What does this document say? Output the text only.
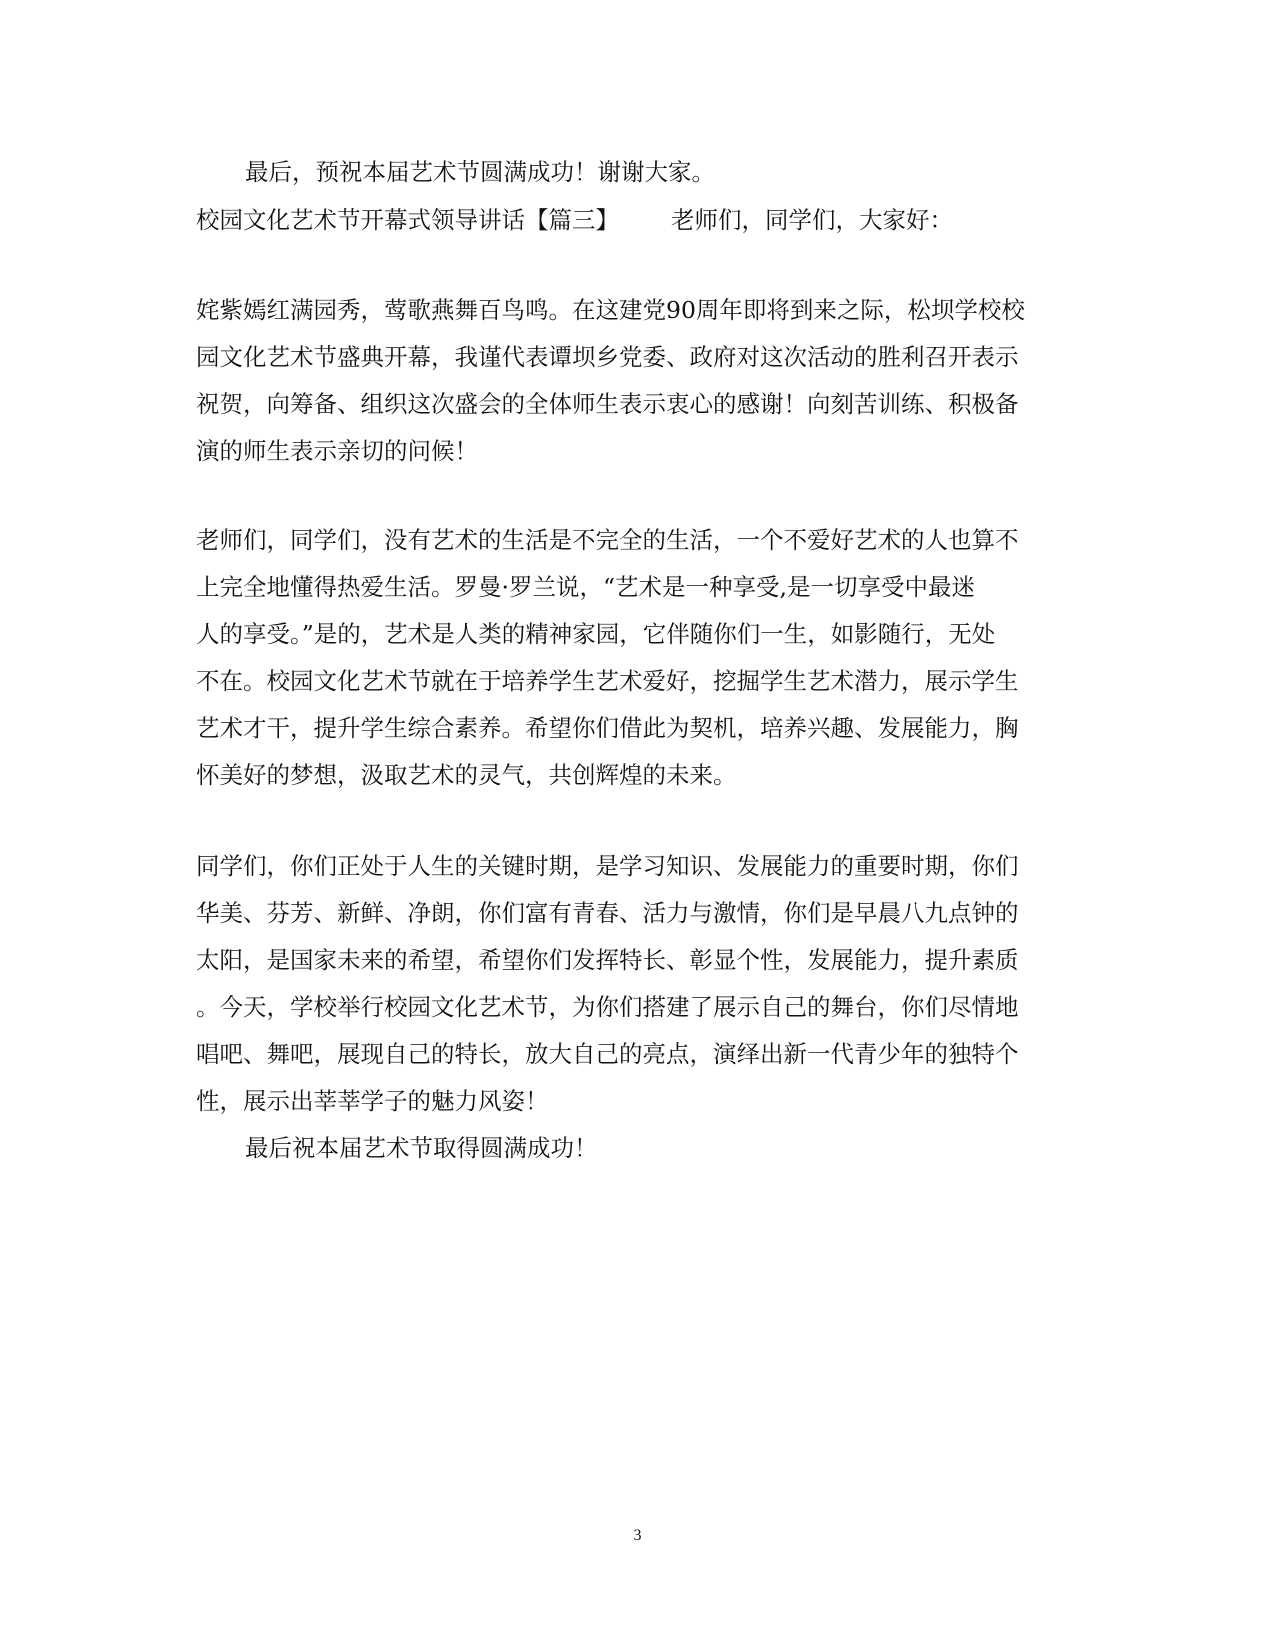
最后，预祝本届艺术节圆满成功！谢谢大家。
校园文化艺术节开幕式领导讲话【篇三】 老师们，同学们，大家好：
姹紫嫣红满园秀，莺歌燕舞百鸟鸣。在这建党90周年即将到来之际，松坝学校校
园文化艺术节盛典开幕，我谨代表谭坝乡党委、政府对这次活动的胜利召开表示
祝贺，向筹备、组织这次盛会的全体师生表示衷心的感谢！向刻苦训练、积极备
演的师生表示亲切的问候！
老师们，同学们，没有艺术的生活是不完全的生活，一个不爱好艺术的人也算不
上完全地懂得热爱生活。罗曼·罗兰说，“艺术是一种享受,是一切享受中最迷
人的享受。”是的，艺术是人类的精神家园，它伴随你们一生，如影随行，无处
不在。校园文化艺术节就在于培养学生艺术爱好，挖掘学生艺术潜力，展示学生
艺术才干，提升学生综合素养。希望你们借此为契机，培养兴趣、发展能力，胸
怀美好的梦想，汲取艺术的灵气，共创辉煌的未来。
同学们，你们正处于人生的关键时期，是学习知识、发展能力的重要时期，你们
华美、芬芳、新鲜、净朗，你们富有青春、活力与激情，你们是早晨八九点钟的
太阳，是国家未来的希望，希望你们发挥特长、彰显个性，发展能力，提升素质
。今天，学校举行校园文化艺术节，为你们搭建了展示自己的舞台，你们尽情地
唱吧、舞吧，展现自己的特长，放大自己的亮点，演绎出新一代青少年的独特个
性，展示出莘莘学子的魅力风姿！
最后祝本届艺术节取得圆满成功！
3
